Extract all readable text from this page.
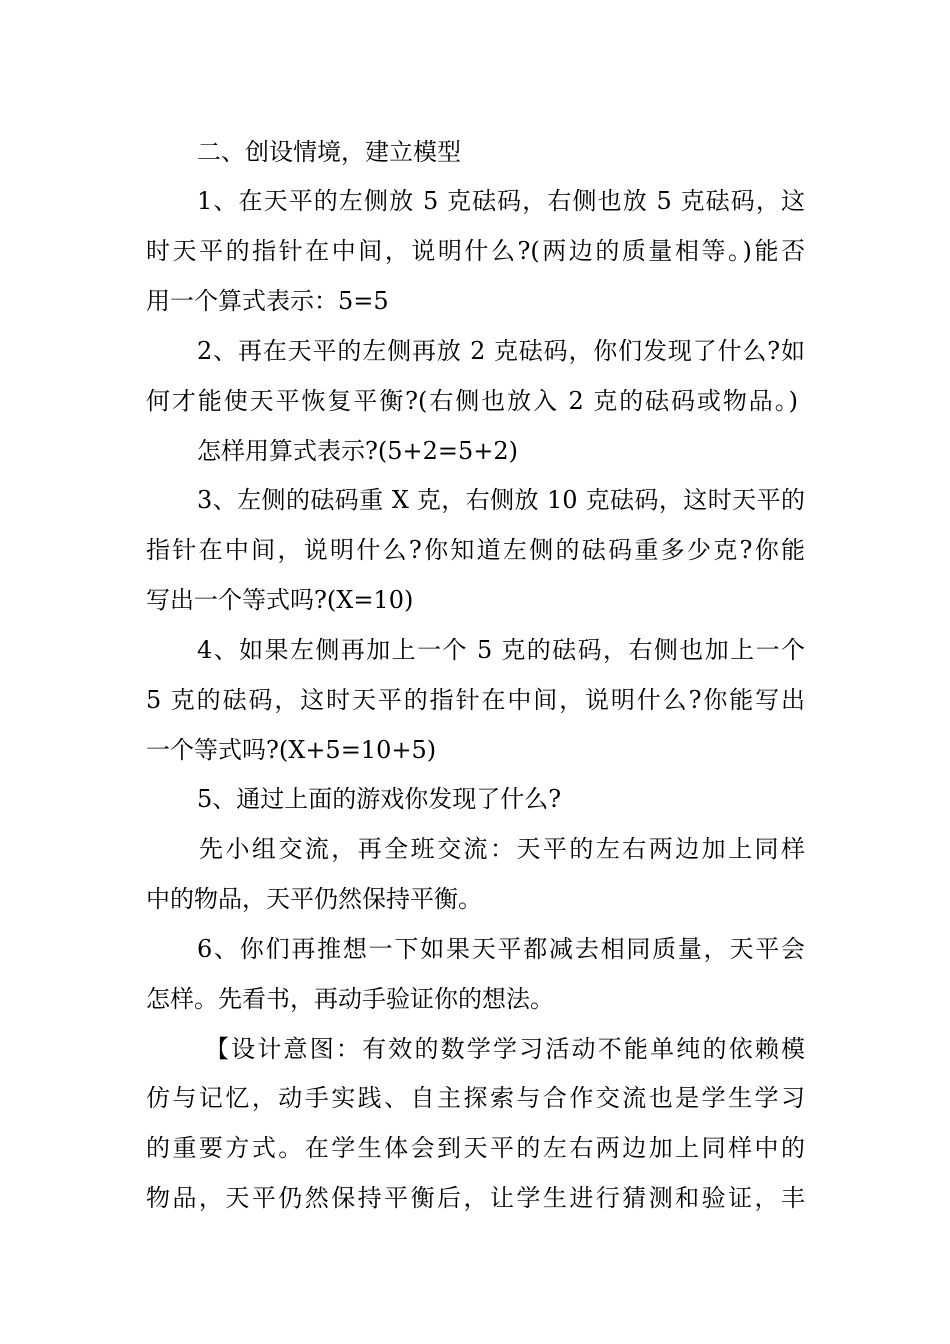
二、创设情境，建立模型
1、在天平的左侧放 5 克砝码，右侧也放 5 克砝码，这
时天平的指针在中间，说明什么?(两边的质量相等。)能否
用一个算式表示：5=5
2、再在天平的左侧再放 2 克砝码，你们发现了什么?如
何才能使天平恢复平衡?(右侧也放入 2 克的砝码或物品。)
怎样用算式表示?(5+2=5+2)
3、左侧的砝码重 X 克，右侧放 10 克砝码，这时天平的
指针在中间，说明什么?你知道左侧的砝码重多少克?你能
写出一个等式吗?(X=10)
4、如果左侧再加上一个 5 克的砝码，右侧也加上一个
5 克的砝码，这时天平的指针在中间，说明什么?你能写出
一个等式吗?(X+5=10+5)
5、通过上面的游戏你发现了什么?
先小组交流，再全班交流：天平的左右两边加上同样
中的物品，天平仍然保持平衡。
6、你们再推想一下如果天平都减去相同质量，天平会
怎样。先看书，再动手验证你的想法。
【设计意图：有效的数学学习活动不能单纯的依赖模
仿与记忆，动手实践、自主探索与合作交流也是学生学习
的重要方式。在学生体会到天平的左右两边加上同样中的
物品，天平仍然保持平衡后，让学生进行猜测和验证，丰
